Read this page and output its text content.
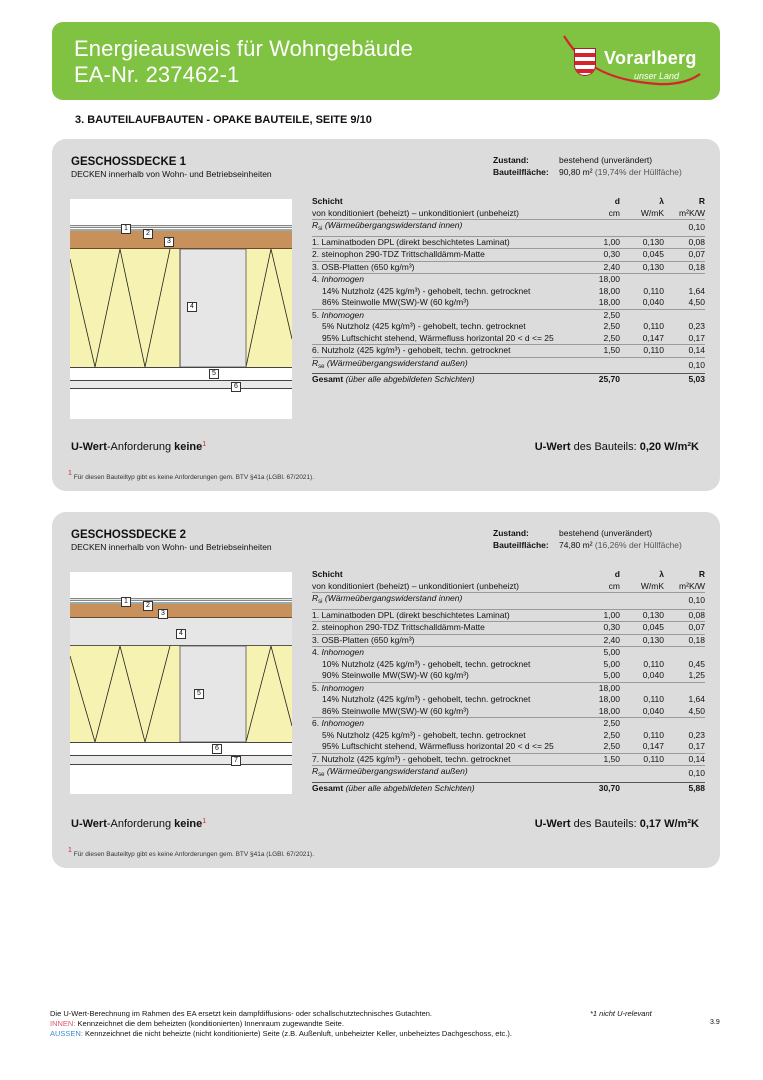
Energieausweis für Wohngebäude
EA-Nr. 237462-1
Vorarlberg
unser Land
3. BAUTEILAUFBAUTEN - OPAKE BAUTEILE, SEITE 9/10
GESCHOSSDECKE 1
DECKEN innerhalb von Wohn- und Betriebseinheiten
Zustand:	bestehend (unverändert)
Bauteilfläche: 90,80 m² (19,74% der Hüllfäche)
1
2
3
4
5
6
Schicht	d	λ	R
von konditioniert (beheizt) – unkonditioniert (unbeheizt)	cm	W/mK	m²K/W
$R_{si}$ (Wärmeübergangswiderstand innen)			0,10
1. Laminatboden DPL (direkt beschichtetes Laminat)	1,00	0,130	0,08
2. steinophon 290-TDZ Trittschalldämm-Matte	0,30	0,045	0,07
3. OSB-Platten (650 kg/m³)	2,40	0,130	0,18
4. Inhomogen	18,00		
14% Nutzholz (425 kg/m³) - gehobelt, techn. getrocknet	18,00	0,110	1,64
86% Steinwolle MW(SW)-W (60 kg/m³)	18,00	0,040	4,50
5. Inhomogen	2,50		
5% Nutzholz (425 kg/m³) - gehobelt, techn. getrocknet	2,50	0,110	0,23
95% Luftschicht stehend, Wärmefluss horizontal 20 < d <= 25	2,50	0,147	0,17
6. Nutzholz (425 kg/m³) - gehobelt, techn. getrocknet	1,50	0,110	0,14
$R_{se}$ (Wärmeübergangswiderstand außen)			0,10
Gesamt (über alle abgebildeten Schichten)	25,70		5,03
U-Wert-Anforderung keine$^1$	U-Wert des Bauteils: 0,20 W/m²K
1 Für diesen Bauteiltyp gibt es keine Anforderungen gem. BTV §41a (LGBl. 67/2021).
GESCHOSSDECKE 2
DECKEN innerhalb von Wohn- und Betriebseinheiten
Zustand:	bestehend (unverändert)
Bauteilfläche: 74,80 m² (16,26% der Hüllfäche)
1
2
3
4
5
6
7
Schicht	d	λ	R
von konditioniert (beheizt) – unkonditioniert (unbeheizt)	cm	W/mK	m²K/W
$R_{si}$ (Wärmeübergangswiderstand innen)			0,10
1. Laminatboden DPL (direkt beschichtetes Laminat)	1,00	0,130	0,08
2. steinophon 290-TDZ Trittschalldämm-Matte	0,30	0,045	0,07
3. OSB-Platten (650 kg/m³)	2,40	0,130	0,18
4. Inhomogen	5,00		
10% Nutzholz (425 kg/m³) - gehobelt, techn. getrocknet	5,00	0,110	0,45
90% Steinwolle MW(SW)-W (60 kg/m³)	5,00	0,040	1,25
5. Inhomogen	18,00		
14% Nutzholz (425 kg/m³) - gehobelt, techn. getrocknet	18,00	0,110	1,64
86% Steinwolle MW(SW)-W (60 kg/m³)	18,00	0,040	4,50
6. Inhomogen	2,50		
5% Nutzholz (425 kg/m³) - gehobelt, techn. getrocknet	2,50	0,110	0,23
95% Luftschicht stehend, Wärmefluss horizontal 20 < d <= 25	2,50	0,147	0,17
7. Nutzholz (425 kg/m³) - gehobelt, techn. getrocknet	1,50	0,110	0,14
$R_{se}$ (Wärmeübergangswiderstand außen)			0,10
Gesamt (über alle abgebildeten Schichten)	30,70		5,88
U-Wert-Anforderung keine$^1$	U-Wert des Bauteils: 0,17 W/m²K
1 Für diesen Bauteiltyp gibt es keine Anforderungen gem. BTV §41a (LGBl. 67/2021).
Die U-Wert-Berechnung im Rahmen des EA ersetzt kein dampfdiffusions- oder schallschutztechnisches Gutachten.
INNEN: Kennzeichnet die dem beheizten (konditionierten) Innenraum zugewandte Seite.
AUSSEN: Kennzeichnet die nicht beheizte (nicht konditionierte) Seite (z.B. Außenluft, unbeheizter Keller, unbeheiztes Dachgeschoss, etc.).
*1 nicht U-relevant
3.9
